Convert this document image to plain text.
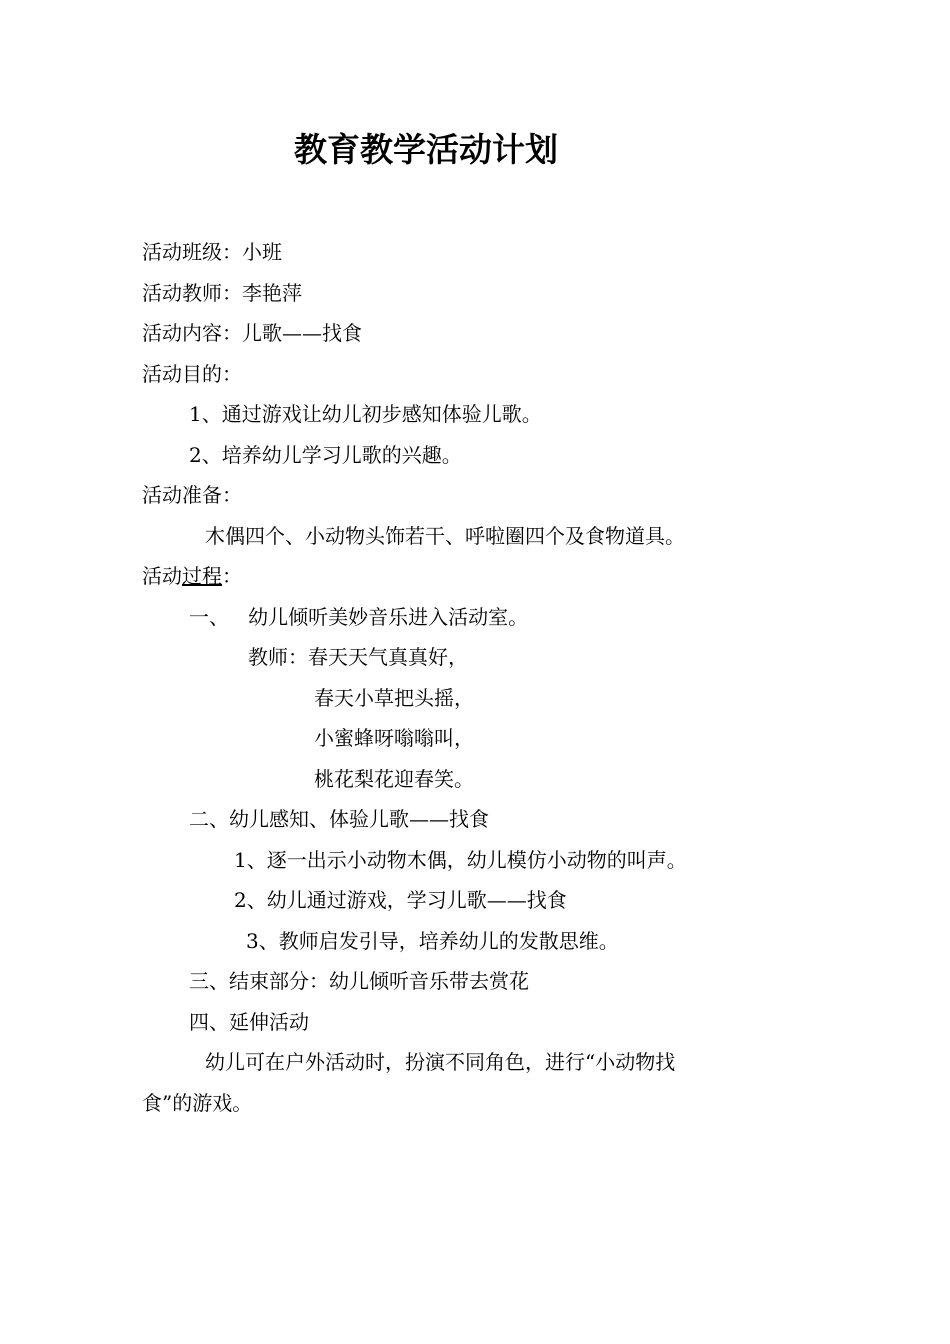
教育教学活动计划
活动班级：小班
活动教师：李艳萍
活动内容：儿歌——找食
活动目的：
1、通过游戏让幼儿初步感知体验儿歌。
2、培养幼儿学习儿歌的兴趣。
活动准备：
木偶四个、小动物头饰若干、呼啦圈四个及食物道具。
活动过程：
一、   幼儿倾听美妙音乐进入活动室。
教师：春天天气真真好，
春天小草把头摇，
小蜜蜂呀嗡嗡叫，
桃花梨花迎春笑。
二、幼儿感知、体验儿歌——找食
1、逐一出示小动物木偶，幼儿模仿小动物的叫声。
2、幼儿通过游戏，学习儿歌——找食
3、教师启发引导，培养幼儿的发散思维。
三、结束部分：幼儿倾听音乐带去赏花
四、延伸活动
幼儿可在户外活动时，扮演不同角色，进行“小动物找
食”的游戏。
